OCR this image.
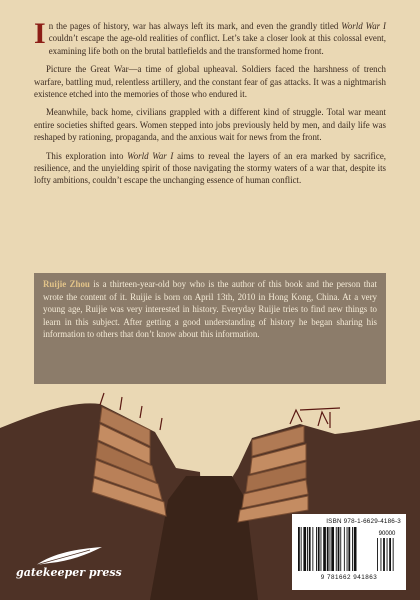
In the pages of history, war has always left its mark, and even the grandly titled World War I couldn’t escape the age-old realities of conflict. Let’s take a closer look at this colossal event, examining life both on the brutal battlefields and the transformed home front.

Picture the Great War—a time of global upheaval. Soldiers faced the harshness of trench warfare, battling mud, relentless artillery, and the constant fear of gas attacks. It was a nightmarish existence etched into the memories of those who endured it.

Meanwhile, back home, civilians grappled with a different kind of struggle. Total war meant entire societies shifted gears. Women stepped into jobs previously held by men, and daily life was reshaped by rationing, propaganda, and the anxious wait for news from the front.

This exploration into World War I aims to reveal the layers of an era marked by sacrifice, resilience, and the unyielding spirit of those navigating the stormy waters of a war that, despite its lofty ambitions, couldn’t escape the unchanging essence of human conflict.

Ruijie Zhou is a thirteen-year-old boy who is the author of this book and the person that wrote the content of it. Ruijie is born on April 13th, 2010 in Hong Kong, China. At a very young age, Ruijie was very interested in history. Everyday Ruijie tries to find new things to learn in this subject. After getting a good understanding of history he began sharing his information to others that don’t know about this information.
gatekeeper press
ISBN 978-1-6629-4186-3
90000
9 781662 941863
